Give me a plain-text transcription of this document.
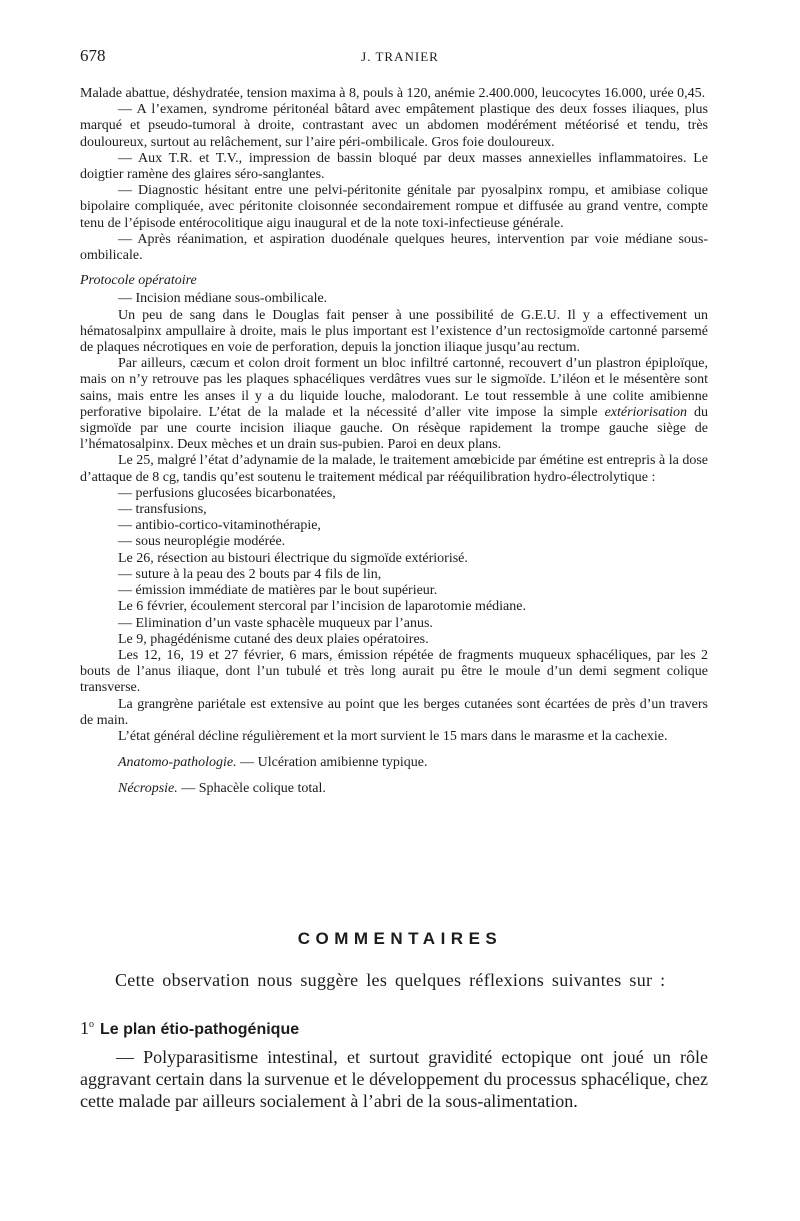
678	J. TRANIER

Malade abattue, déshydratée, tension maxima à 8, pouls à 120, anémie 2.400.000, leucocytes 16.000, urée 0,45.

— A l’examen, syndrome péritonéal bâtard avec empâtement plastique des deux fosses iliaques, plus marqué et pseudo-tumoral à droite, contrastant avec un abdomen modérément météorisé et tendu, très douloureux, surtout au relâchement, sur l’aire péri-ombilicale. Gros foie douloureux.

— Aux T.R. et T.V., impression de bassin bloqué par deux masses annexielles inflammatoires. Le doigtier ramène des glaires séro-sanglantes.

— Diagnostic hésitant entre une pelvi-péritonite génitale par pyosalpinx rompu, et amibiase colique bipolaire compliquée, avec péritonite cloisonnée secondairement rompue et diffusée au grand ventre, compte tenu de l’épisode entérocolitique aigu inaugural et de la note toxi-infectieuse générale.

— Après réanimation, et aspiration duodénale quelques heures, intervention par voie médiane sous-ombilicale.

Protocole opératoire

— Incision médiane sous-ombilicale.

Un peu de sang dans le Douglas fait penser à une possibilité de G.E.U. Il y a effectivement un hématosalpinx ampullaire à droite, mais le plus important est l’existence d’un rectosigmoïde cartonné parsemé de plaques nécrotiques en voie de perforation, depuis la jonction iliaque jusqu’au rectum.

Par ailleurs, cæcum et colon droit forment un bloc infiltré cartonné, recouvert d’un plastron épiploïque, mais on n’y retrouve pas les plaques sphacéliques verdâtres vues sur le sigmoïde. L’iléon et le mésentère sont sains, mais entre les anses il y a du liquide louche, malodorant. Le tout ressemble à une colite amibienne perforative bipolaire. L’état de la malade et la nécessité d’aller vite impose la simple extériorisation du sigmoïde par une courte incision iliaque gauche. On résèque rapidement la trompe gauche siège de l’hématosalpinx. Deux mèches et un drain sus-pubien. Paroi en deux plans.

Le 25, malgré l’état d’adynamie de la malade, le traitement amœbicide par émétine est entrepris à la dose d’attaque de 8 cg, tandis qu’est soutenu le traitement médical par rééquilibration hydro-électrolytique :

— perfusions glucosées bicarbonatées,

— transfusions,

— antibio-cortico-vitaminothérapie,

— sous neuroplégie modérée.

Le 26, résection au bistouri électrique du sigmoïde extériorisé.

— suture à la peau des 2 bouts par 4 fils de lin,

— émission immédiate de matières par le bout supérieur.

Le 6 février, écoulement stercoral par l’incision de laparotomie médiane.

— Elimination d’un vaste sphacèle muqueux par l’anus.

Le 9, phagédénisme cutané des deux plaies opératoires.

Les 12, 16, 19 et 27 février, 6 mars, émission répétée de fragments muqueux sphacéliques, par les 2 bouts de l’anus iliaque, dont l’un tubulé et très long aurait pu être le moule d’un demi segment colique transverse.

La grangrène pariétale est extensive au point que les berges cutanées sont écartées de près d’un travers de main.

L’état général décline régulièrement et la mort survient le 15 mars dans le marasme et la cachexie.

Anatomo-pathologie. — Ulcération amibienne typique.

Nécropsie. — Sphacèle colique total.

COMMENTAIRES
Cette observation nous suggère les quelques réflexions suivantes sur :
1$^o$ Le plan étio-pathogénique

— Polyparasitisme intestinal, et surtout gravidité ectopique ont joué un rôle aggravant certain dans la survenue et le développement du processus sphacélique, chez cette malade par ailleurs socialement à l’abri de la sous-alimentation.
